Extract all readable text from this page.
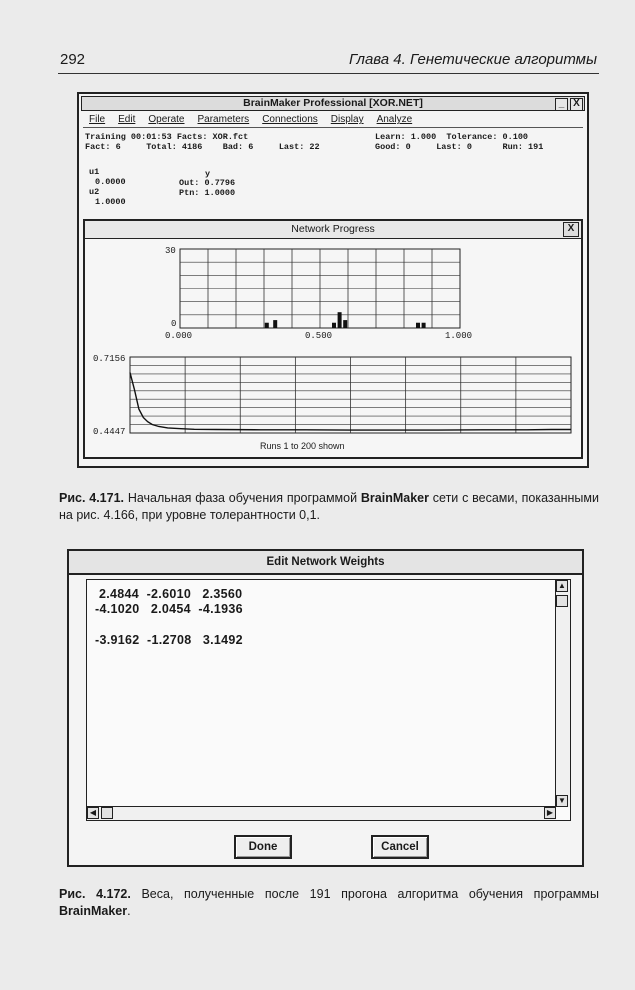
292	Глава 4. Генетические алгоритмы
BrainMaker Professional [XOR.NET]	_ X
File Edit Operate Parameters Connections Display Analyze
Training 00:01:53 Facts: XOR.fct	Learn: 1.000  Tolerance: 0.100
Fact: 6     Total: 4186    Bad: 6     Last: 22	Good: 0     Last: 0      Run: 191
u1
0.0000
u2
1.0000
y
Out: 0.7796
Ptn: 1.0000
Network Progress	X
30
0
0.000	0.500	1.000
0.7156
0.4447
Runs 1 to 200 shown
Рис. 4.171. Начальная фаза обучения программой BrainMaker сети с весами, показанными на рис. 4.166, при уровне толерантности 0,1.
Edit Network Weights
2.4844  -2.6010   2.3560
-4.1020   2.0454  -4.1936
-3.9162  -1.2708   3.1492
▲
▼
◀	▶
Done	Cancel
Рис. 4.172. Веса, полученные после 191 прогона алгоритма обучения программы BrainMaker.
